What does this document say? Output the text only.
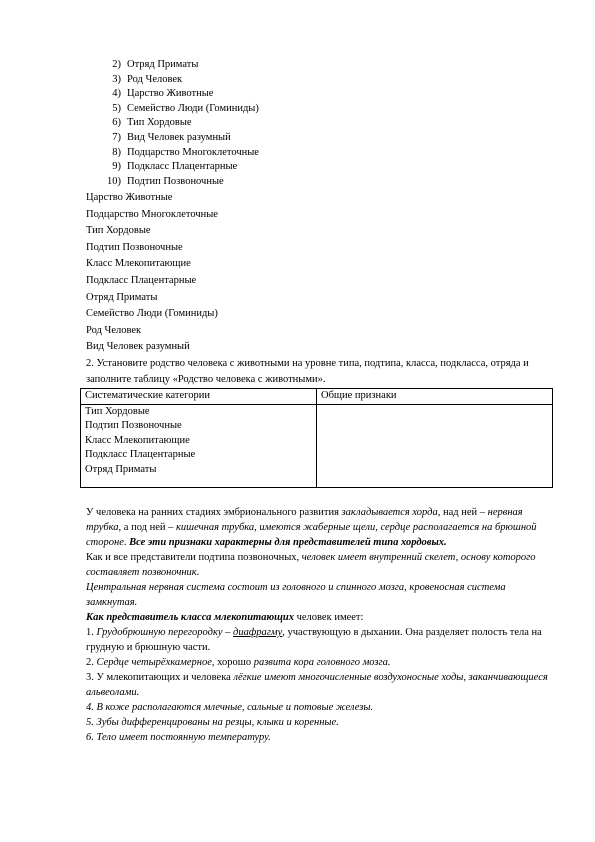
2) Отряд Приматы
3) Род Человек
4) Царство Животные
5) Семейство Люди (Гоминиды)
6) Тип Хордовые
7) Вид Человек разумный
8) Подцарство Многоклеточные
9) Подкласс Плацентарные
10) Подтип Позвоночные
Царство Животные
Подцарство Многоклеточные
Тип Хордовые
Подтип Позвоночные
Класс Млекопитающие
Подкласс Плацентарные
Отряд Приматы
Семейство Люди (Гоминиды)
Род Человек
Вид Человек разумный
2. Установите родство человека с животными на уровне типа, подтипа, класса, подкласса, отряда и заполните таблицу «Родство человека с животными».
Систематические категории	Общие признаки

Тип Хордовые
Подтип Позвоночные
Класс Млекопитающие
Подкласс Плацентарные
Отряд Приматы	

У человека на ранних стадиях эмбрионального развития закладывается хорда, над ней – нервная трубка, а под ней – кишечная трубка, имеются жаберные щели, сердце располагается на брюшной стороне. Все эти признаки характерны для представителей типа хордовых.

Как и все представители подтипа позвоночных, человек имеет внутренний скелет, основу которого составляет позвоночник.

Центральная нервная система состоит из головного и спинного мозга, кровеносная система замкнутая.

Как представитель класса млекопитающих человек имеет:

1. Грудобрюшную перегородку – диафрагму, участвующую в дыхании. Она разделяет полость тела на грудную и брюшную части.

2. Сердце четырёхкамерное, хорошо развита кора головного мозга.

3. У млекопитающих и человека лёгкие имеют многочисленные воздухоносные ходы, заканчивающиеся альвеолами.

4. В коже располагаются млечные, сальные и потовые железы.

5. Зубы дифференцированы на резцы, клыки и коренные.

6. Тело имеет постоянную температуру.
